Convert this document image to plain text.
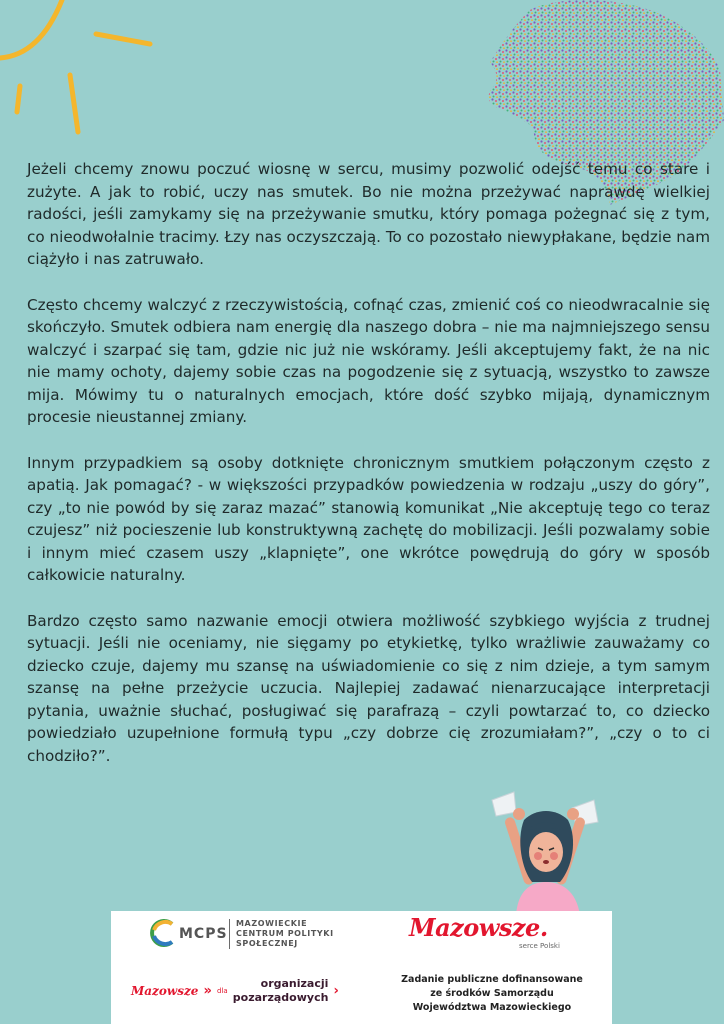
Jeżeli chcemy znowu poczuć wiosnę w sercu, musimy pozwolić odejść temu co stare i zużyte. A jak to robić, uczy nas smutek. Bo nie można przeżywać naprawdę wielkiej radości, jeśli zamykamy się na przeżywanie smutku, który pomaga pożegnać się z tym, co nieodwołalnie tracimy. Łzy nas oczyszczają. To co pozostało niewypłakane, będzie nam ciążyło i nas zatruwało.

Często chcemy walczyć z rzeczywistością, cofnąć czas, zmienić coś co nieodwracalnie się skończyło. Smutek odbiera nam energię dla naszego dobra – nie ma najmniejszego sensu walczyć i szarpać się tam, gdzie nic już nie wskóramy. Jeśli akceptujemy fakt, że na nic nie mamy ochoty, dajemy sobie czas na pogodzenie się z sytuacją, wszystko to zawsze mija. Mówimy tu o naturalnych emocjach, które dość szybko mijają, dynamicznym procesie nieustannej zmiany.

Innym przypadkiem są osoby dotknięte chronicznym smutkiem połączonym często z apatią. Jak pomagać? - w większości przypadków powiedzenia w rodzaju „uszy do góry”, czy „to nie powód by się zaraz mazać” stanowią komunikat „Nie akceptuję tego co teraz czujesz” niż pocieszenie lub konstruktywną zachętę do mobilizacji. Jeśli pozwalamy sobie i innym mieć czasem uszy „klapnięte”, one wkrótce powędrują do góry w sposób całkowicie naturalny.

Bardzo często samo nazwanie emocji otwiera możliwość szybkiego wyjścia z trudnej sytuacji. Jeśli nie oceniamy, nie sięgamy po etykietkę, tylko wrażliwie zauważamy co dziecko czuje, dajemy mu szansę na uświadomienie co się z nim dzieje, a tym samym szansę na pełne przeżycie uczucia. Najlepiej zadawać nienarzucające interpretacji pytania, uważnie słuchać, posługiwać się parafrazą – czyli powtarzać to, co dziecko powiedziało uzupełnione formułą typu „czy dobrze cię zrozumiałam?”, „czy o to ci chodziło?”.

MCPS
MAZOWIECKIE
CENTRUM POLITYKI
SPOŁECZNEJ
Mazowsze.
serce Polski
Mazowsze » dla organizacji
pozarządowych ›
Zadanie publiczne dofinansowane
ze środków Samorządu
Województwa Mazowieckiego
